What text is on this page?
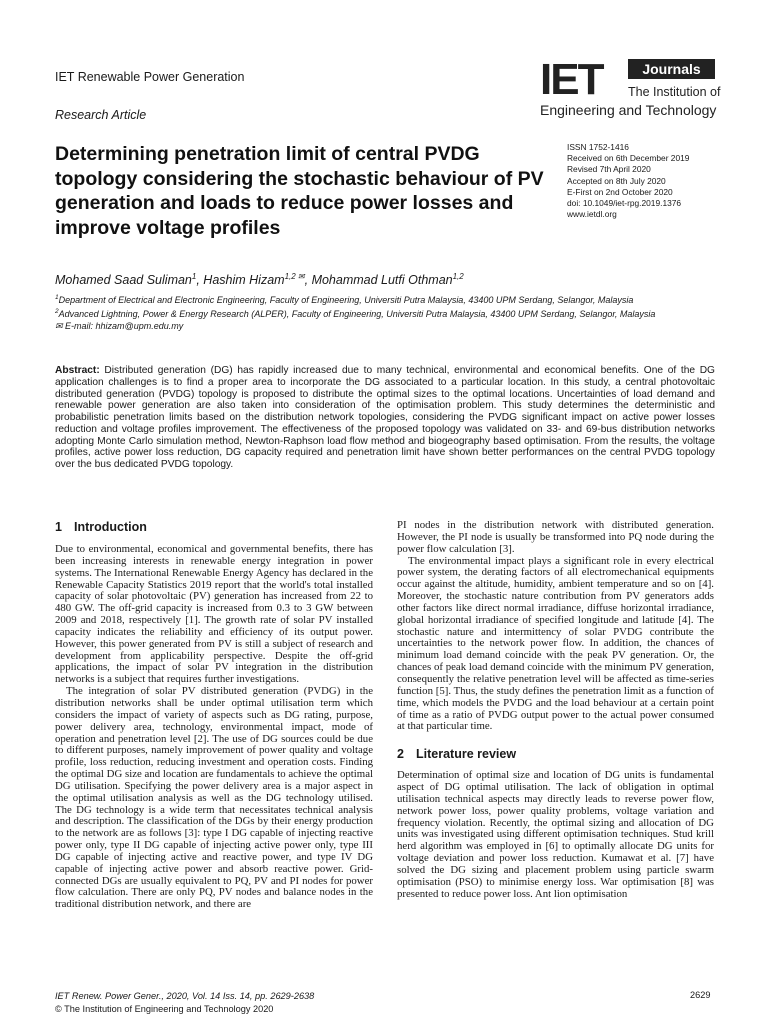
IET Renewable Power Generation
Research Article
IET	Journals
The Institution of
Engineering and Technology
Determining penetration limit of central PVDG topology considering the stochastic behaviour of PV generation and loads to reduce power losses and improve voltage profiles
ISSN 1752-1416
Received on 6th December 2019
Revised 7th April 2020
Accepted on 8th July 2020
E-First on 2nd October 2020
doi: 10.1049/iet-rpg.2019.1376
www.ietdl.org
Mohamed Saad Suliman$^1$, Hashim Hizam$^{1,2 ✉}$, Mohammad Lutfi Othman$^{1,2}$

$^1$Department of Electrical and Electronic Engineering, Faculty of Engineering, Universiti Putra Malaysia, 43400 UPM Serdang, Selangor, Malaysia

$^2$Advanced Lightning, Power & Energy Research (ALPER), Faculty of Engineering, Universiti Putra Malaysia, 43400 UPM Serdang, Selangor, Malaysia

✉ E-mail: hhizam@upm.edu.my

Abstract: Distributed generation (DG) has rapidly increased due to many technical, environmental and economical benefits. One of the DG application challenges is to find a proper area to incorporate the DG associated to a particular location. In this study, a central photovoltaic distributed generation (PVDG) topology is proposed to distribute the optimal sizes to the optimal locations. Uncertainties of load demand and renewable power generation are also taken into consideration of the optimisation problem. This study determines the deterministic and probabilistic penetration limits based on the distribution network topologies, considering the PVDG significant impact on active power losses reduction and voltage profiles improvement. The effectiveness of the proposed topology was validated on 33- and 69-bus distribution networks adopting Monte Carlo simulation method, Newton-Raphson load flow method and biogeography based optimisation. From the results, the voltage profiles, active power loss reduction, DG capacity required and penetration limit have shown better performances on the central PVDG topology over the bus dedicated PVDG topology.
1 Introduction

Due to environmental, economical and governmental benefits, there has been increasing interests in renewable energy integration in power systems. The International Renewable Energy Agency has declared in the Renewable Capacity Statistics 2019 report that the world's total installed capacity of solar photovoltaic (PV) generation has increased from 22 to 480 GW. The off-grid capacity is increased from 0.3 to 3 GW between 2009 and 2018, respectively [1]. The growth rate of solar PV installed capacity indicates the reliability and efficiency of its output power. However, this power generated from PV is still a subject of research and development from applicability perspective. Despite the off-grid applications, the impact of solar PV integration in the distribution networks is a subject that requires further investigations.

The integration of solar PV distributed generation (PVDG) in the distribution networks shall be under optimal utilisation term which considers the impact of variety of aspects such as DG rating, purpose, power delivery area, technology, environmental impact, mode of operation and penetration level [2]. The use of DG sources could be due to different purposes, namely improvement of power quality and voltage profile, loss reduction, reducing investment and operation costs. Finding the optimal DG size and location are fundamentals to achieve the optimal DG utilisation. Specifying the power delivery area is a major aspect in the optimal utilisation analysis as well as the DG technology utilised. The DG technology is a wide term that necessitates technical analysis and description. The classification of the DGs by their energy production to the network are as follows [3]: type I DG capable of injecting reactive power only, type II DG capable of injecting active power only, type III DG capable of injecting active and reactive power, and type IV DG capable of injecting active power and absorb reactive power. Grid-connected DGs are usually equivalent to PQ, PV and PI nodes for power flow calculation. There are only PQ, PV nodes and balance nodes in the traditional distribution network, and there are

PI nodes in the distribution network with distributed generation. However, the PI node is usually be transformed into PQ node during the power flow calculation [3].

The environmental impact plays a significant role in every electrical power system, the derating factors of all electromechanical equipments occur against the altitude, humidity, ambient temperature and so on [4]. Moreover, the stochastic nature contribution from PV generators adds other factors like direct normal irradiance, diffuse horizontal irradiance, global horizontal irradiance of specified longitude and latitude [4]. The stochastic nature and intermittency of solar PVDG contribute the uncertainties to the network power flow. In addition, the chances of minimum load demand coincide with the peak PV generation. Or, the chances of peak load demand coincide with the minimum PV generation, consequently the relative penetration level will be affected as time-series function [5]. Thus, the study defines the penetration limit as a function of time, which models the PVDG and the load behaviour at a certain point of time as a ratio of PVDG output power to the actual power consumed at that particular time.

2 Literature review

Determination of optimal size and location of DG units is fundamental aspect of DG optimal utilisation. The lack of obligation in optimal utilisation technical aspects may directly leads to reverse power flow, network power loss, power quality problems, voltage variation and frequency violation. Recently, the optimal sizing and allocation of DG units was investigated using different optimisation techniques. Stud krill herd algorithm was employed in [6] to optimally allocate DG units for voltage deviation and power loss reduction. Kumawat et al. [7] have solved the DG sizing and placement problem using particle swarm optimisation (PSO) to minimise energy loss. War optimisation [8] was presented to reduce power loss. Ant lion optimisation

IET Renew. Power Gener., 2020, Vol. 14 Iss. 14, pp. 2629-2638
© The Institution of Engineering and Technology 2020
2629
